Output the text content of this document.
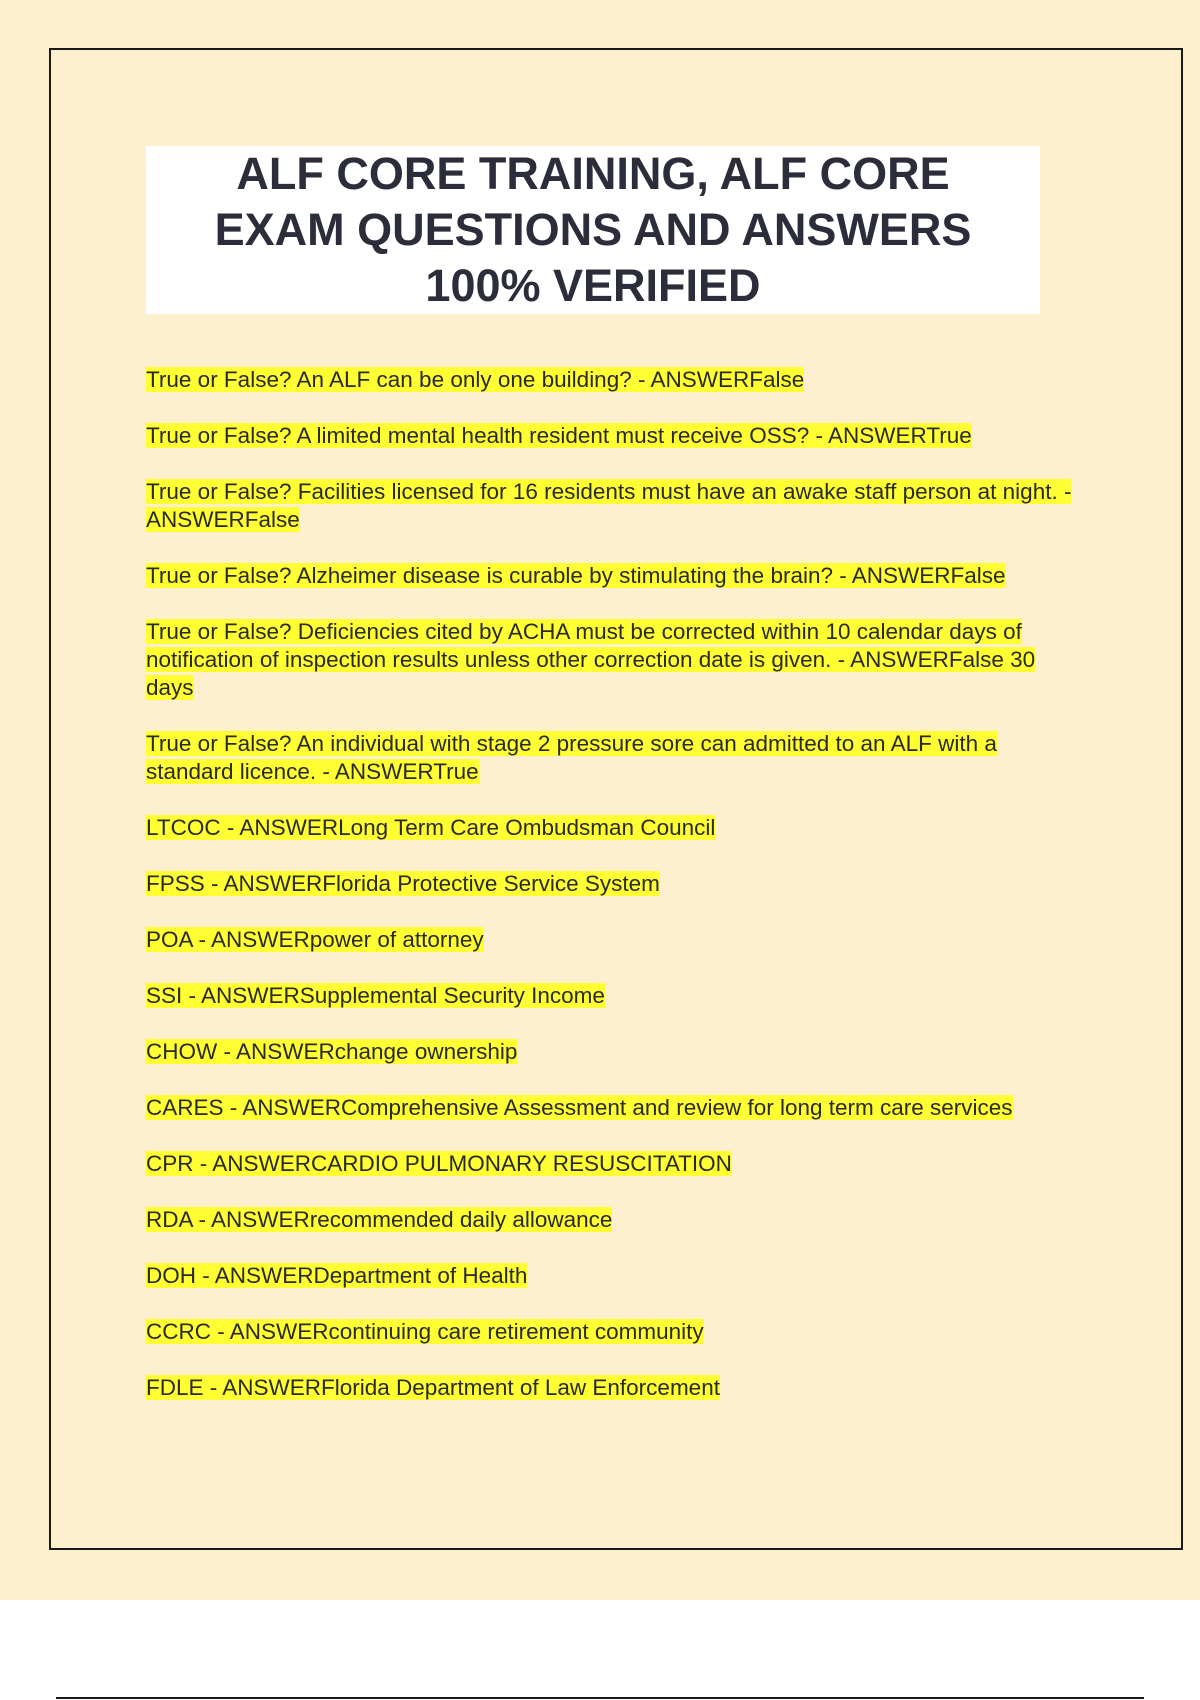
ALF CORE TRAINING, ALF CORE
EXAM QUESTIONS AND ANSWERS
100% VERIFIED
True or False? An ALF can be only one building? - ANSWERFalse
True or False? A limited mental health resident must receive OSS? - ANSWERTrue
True or False? Facilities licensed for 16 residents must have an awake staff person at night. - ANSWERFalse
True or False? Alzheimer disease is curable by stimulating the brain? - ANSWERFalse
True or False? Deficiencies cited by ACHA must be corrected within 10 calendar days of notification of inspection results unless other correction date is given. - ANSWERFalse 30 days
True or False? An individual with stage 2 pressure sore can admitted to an ALF with a standard licence. - ANSWERTrue
LTCOC - ANSWERLong Term Care Ombudsman Council
FPSS - ANSWERFlorida Protective Service System
POA - ANSWERpower of attorney
SSI - ANSWERSupplemental Security Income
CHOW - ANSWERchange ownership
CARES - ANSWERComprehensive Assessment and review for long term care services
CPR - ANSWERCARDIO PULMONARY RESUSCITATION
RDA - ANSWERrecommended daily allowance
DOH - ANSWERDepartment of Health
CCRC - ANSWERcontinuing care retirement community
FDLE - ANSWERFlorida Department of Law Enforcement
